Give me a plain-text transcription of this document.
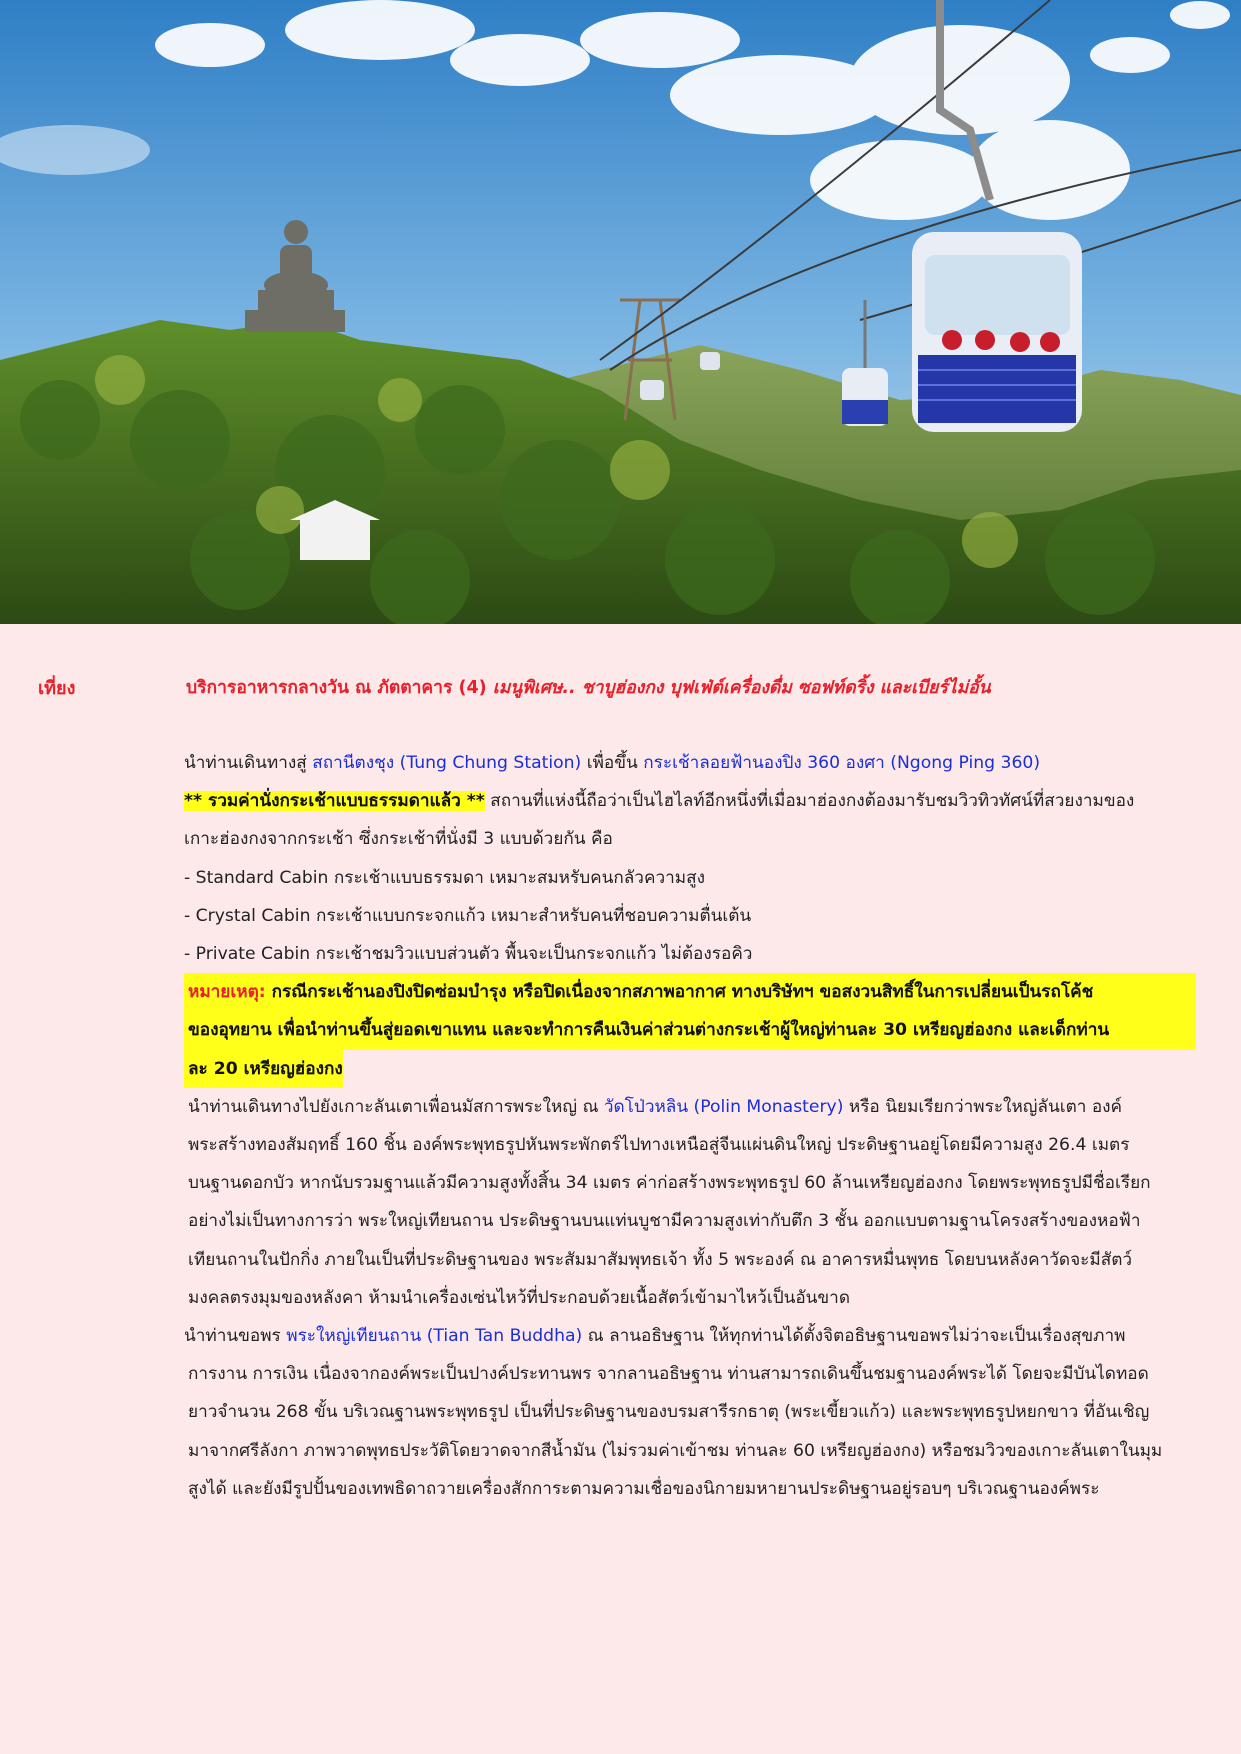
เที่ยง	บริการอาหารกลางวัน ณ ภัตตาคาร (4) เมนูพิเศษ.. ชาบูฮ่องกง บุฟเฟ่ต์เครื่องดื่ม ซอฟท์ดริ้ง และเบียร์ไม่อั้น

นำท่านเดินทางสู่ สถานีตงชุง (Tung Chung Station) เพื่อขึ้น กระเช้าลอยฟ้านองปิง 360 องศา (Ngong Ping 360)

** รวมค่านั่งกระเช้าแบบธรรมดาแล้ว ** สถานที่แห่งนี้ถือว่าเป็นไฮไลท์อีกหนึ่งที่เมื่อมาฮ่องกงต้องมารับชมวิวทิวทัศน์ที่สวยงามของ

เกาะฮ่องกงจากกระเช้า ซึ่งกระเช้าที่นั่งมี 3 แบบด้วยกัน คือ

- Standard Cabin กระเช้าแบบธรรมดา เหมาะสมหรับคนกลัวความสูง

- Crystal Cabin กระเช้าแบบกระจกแก้ว เหมาะสำหรับคนที่ชอบความตื่นเต้น

- Private Cabin กระเช้าชมวิวแบบส่วนตัว พื้นจะเป็นกระจกแก้ว ไม่ต้องรอคิว

หมายเหตุ: กรณีกระเช้านองปิงปิดซ่อมบำรุง หรือปิดเนื่องจากสภาพอากาศ ทางบริษัทฯ ขอสงวนสิทธิ์ในการเปลี่ยนเป็นรถโค้ช
ของอุทยาน เพื่อนำท่านขึ้นสู่ยอดเขาแทน และจะทำการคืนเงินค่าส่วนต่างกระเช้าผู้ใหญ่ท่านละ 30 เหรียญฮ่องกง และเด็กท่าน
ละ 20 เหรียญฮ่องกง

นำท่านเดินทางไปยังเกาะลันเตาเพื่อนมัสการพระใหญ่ ณ วัดโป่วหลิน (Polin Monastery) หรือ นิยมเรียกว่าพระใหญ่ลันเตา องค์

พระสร้างทองสัมฤทธิ์ 160 ชิ้น องค์พระพุทธรูปหันพระพักตร์ไปทางเหนือสู่จีนแผ่นดินใหญ่ ประดิษฐานอยู่โดยมีความสูง 26.4 เมตร

บนฐานดอกบัว หากนับรวมฐานแล้วมีความสูงทั้งสิ้น 34 เมตร ค่าก่อสร้างพระพุทธรูป 60 ล้านเหรียญฮ่องกง โดยพระพุทธรูปมีชื่อเรียก

อย่างไม่เป็นทางการว่า พระใหญ่เทียนถาน ประดิษฐานบนแท่นบูชามีความสูงเท่ากับตึก 3 ชั้น ออกแบบตามฐานโครงสร้างของหอฟ้า

เทียนถานในปักกิ่ง ภายในเป็นที่ประดิษฐานของ พระสัมมาสัมพุทธเจ้า ทั้ง 5 พระองค์ ณ อาคารหมื่นพุทธ โดยบนหลังคาวัดจะมีสัตว์

มงคลตรงมุมของหลังคา ห้ามนำเครื่องเซ่นไหว้ที่ประกอบด้วยเนื้อสัตว์เข้ามาไหว้เป็นอันขาด

นำท่านขอพร พระใหญ่เทียนถาน (Tian Tan Buddha) ณ ลานอธิษฐาน ให้ทุกท่านได้ตั้งจิตอธิษฐานขอพรไม่ว่าจะเป็นเรื่องสุขภาพ

การงาน การเงิน เนื่องจากองค์พระเป็นปางค์ประทานพร จากลานอธิษฐาน ท่านสามารถเดินขึ้นชมฐานองค์พระได้ โดยจะมีบันไดทอด

ยาวจำนวน 268 ขั้น บริเวณฐานพระพุทธรูป เป็นที่ประดิษฐานของบรมสารีรกธาตุ (พระเขี้ยวแก้ว) และพระพุทธรูปหยกขาว ที่อันเชิญ

มาจากศรีลังกา ภาพวาดพุทธประวัติโดยวาดจากสีน้ำมัน (ไม่รวมค่าเข้าชม ท่านละ 60 เหรียญฮ่องกง) หรือชมวิวของเกาะลันเตาในมุม

สูงได้ และยังมีรูปปั้นของเทพธิดาถวายเครื่องสักการะตามความเชื่อของนิกายมหายานประดิษฐานอยู่รอบๆ บริเวณฐานองค์พระ
